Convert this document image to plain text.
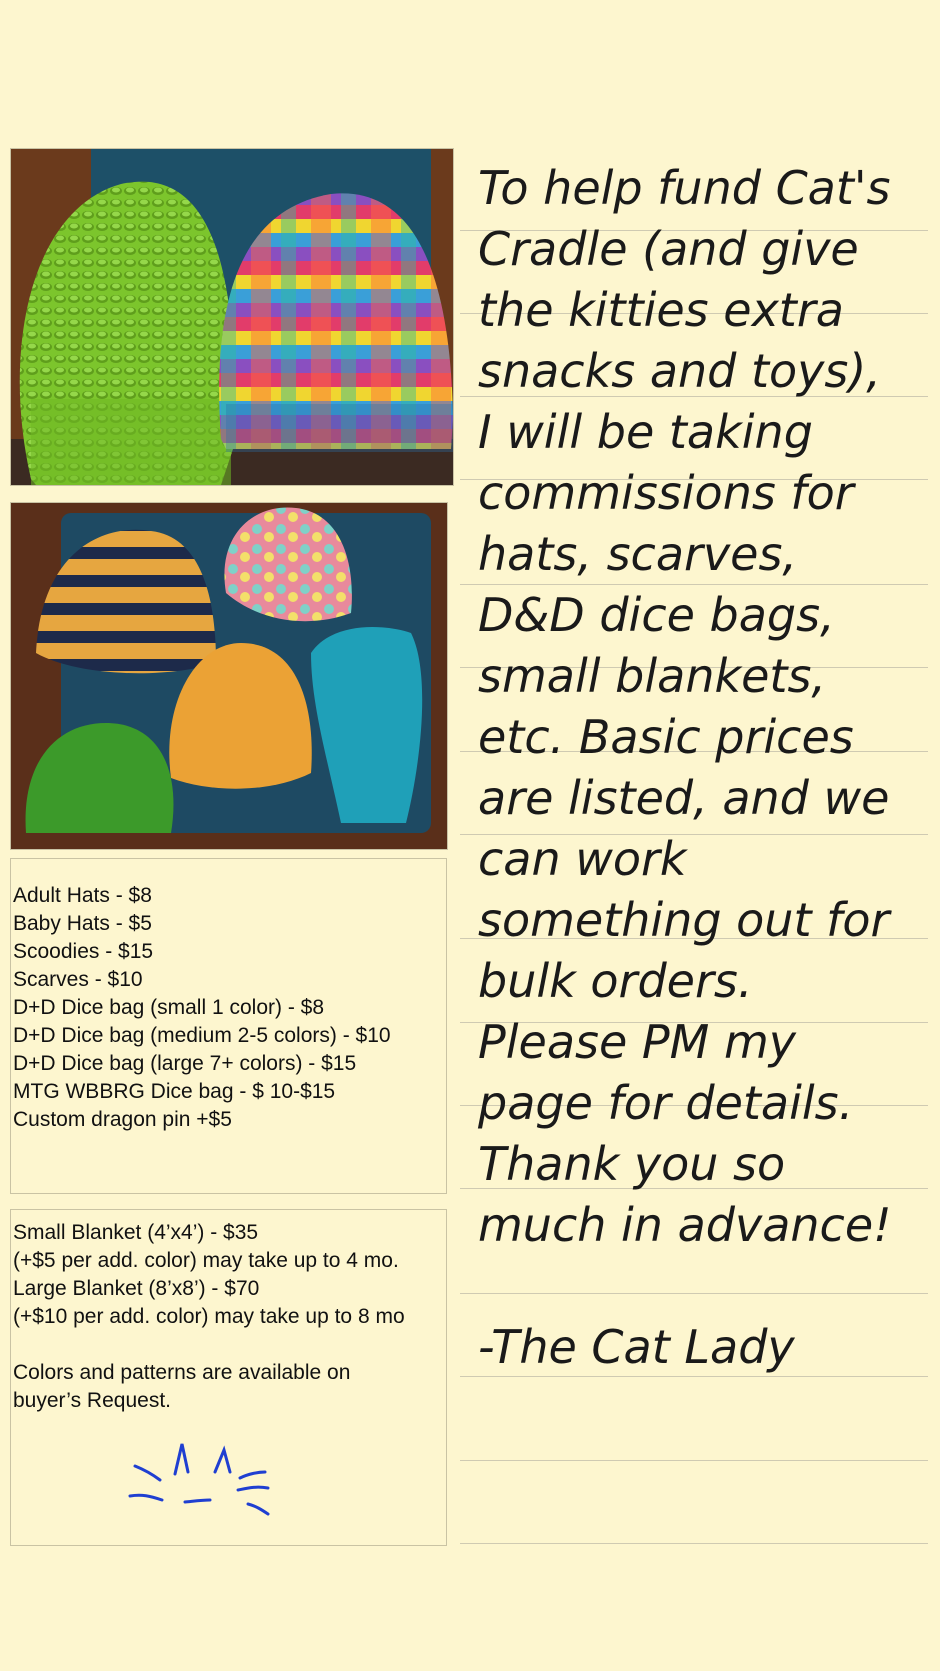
Adult Hats - $8
Baby Hats - $5
Scoodies - $15
Scarves - $10
D+D Dice bag (small 1 color) - $8
D+D Dice bag (medium 2-5 colors) - $10
D+D Dice bag (large 7+ colors) - $15
MTG WBBRG Dice bag - $ 10-$15
Custom dragon pin +$5
Small Blanket (4’x4’) - $35
(+$5 per add. color) may take up to 4 mo.
Large Blanket (8’x8’) - $70
(+$10 per add. color) may take up to 8 mo
Colors and patterns are available on
buyer’s Request.
To help fund Cat's
Cradle (and give
the kitties extra
snacks and toys),
I will be taking
commissions for
hats, scarves,
D&D dice bags,
small blankets,
etc. Basic prices
are listed, and we
can work
something out for
bulk orders.
Please PM my
page for details.
Thank you so
much in advance!
-The Cat Lady
